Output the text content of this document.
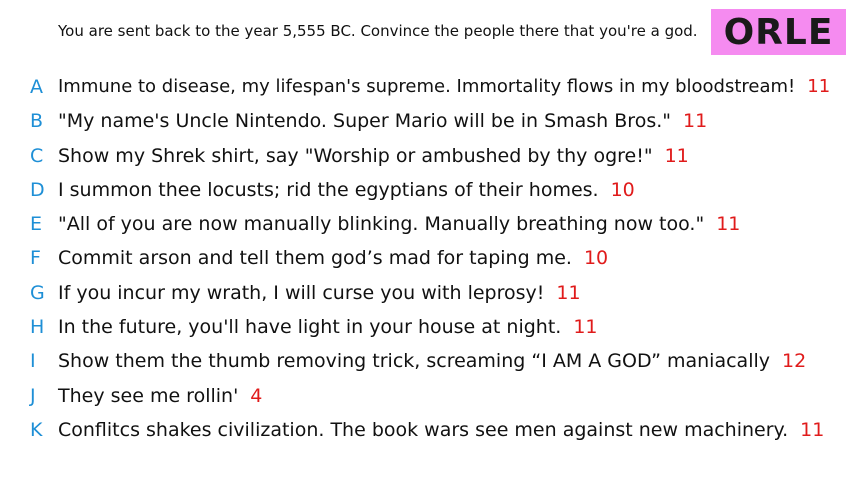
You are sent back to the year 5,555 BC. Convince the people there that you're a god. ORLE
A Immune to disease, my lifespan's supreme. Immortality flows in my bloodstream! 11
B "My name's Uncle Nintendo. Super Mario will be in Smash Bros." 11
C Show my Shrek shirt, say "Worship or ambushed by thy ogre!" 11
D I summon thee locusts; rid the egyptians of their homes. 10
E "All of you are now manually blinking. Manually breathing now too." 11
F Commit arson and tell them god’s mad for taping me. 10
G If you incur my wrath, I will curse you with leprosy! 11
H In the future, you'll have light in your house at night. 11
I Show them the thumb removing trick, screaming “I AM A GOD” maniacally 12
J They see me rollin' 4
K Conflitcs shakes civilization. The book wars see men against new machinery. 11
